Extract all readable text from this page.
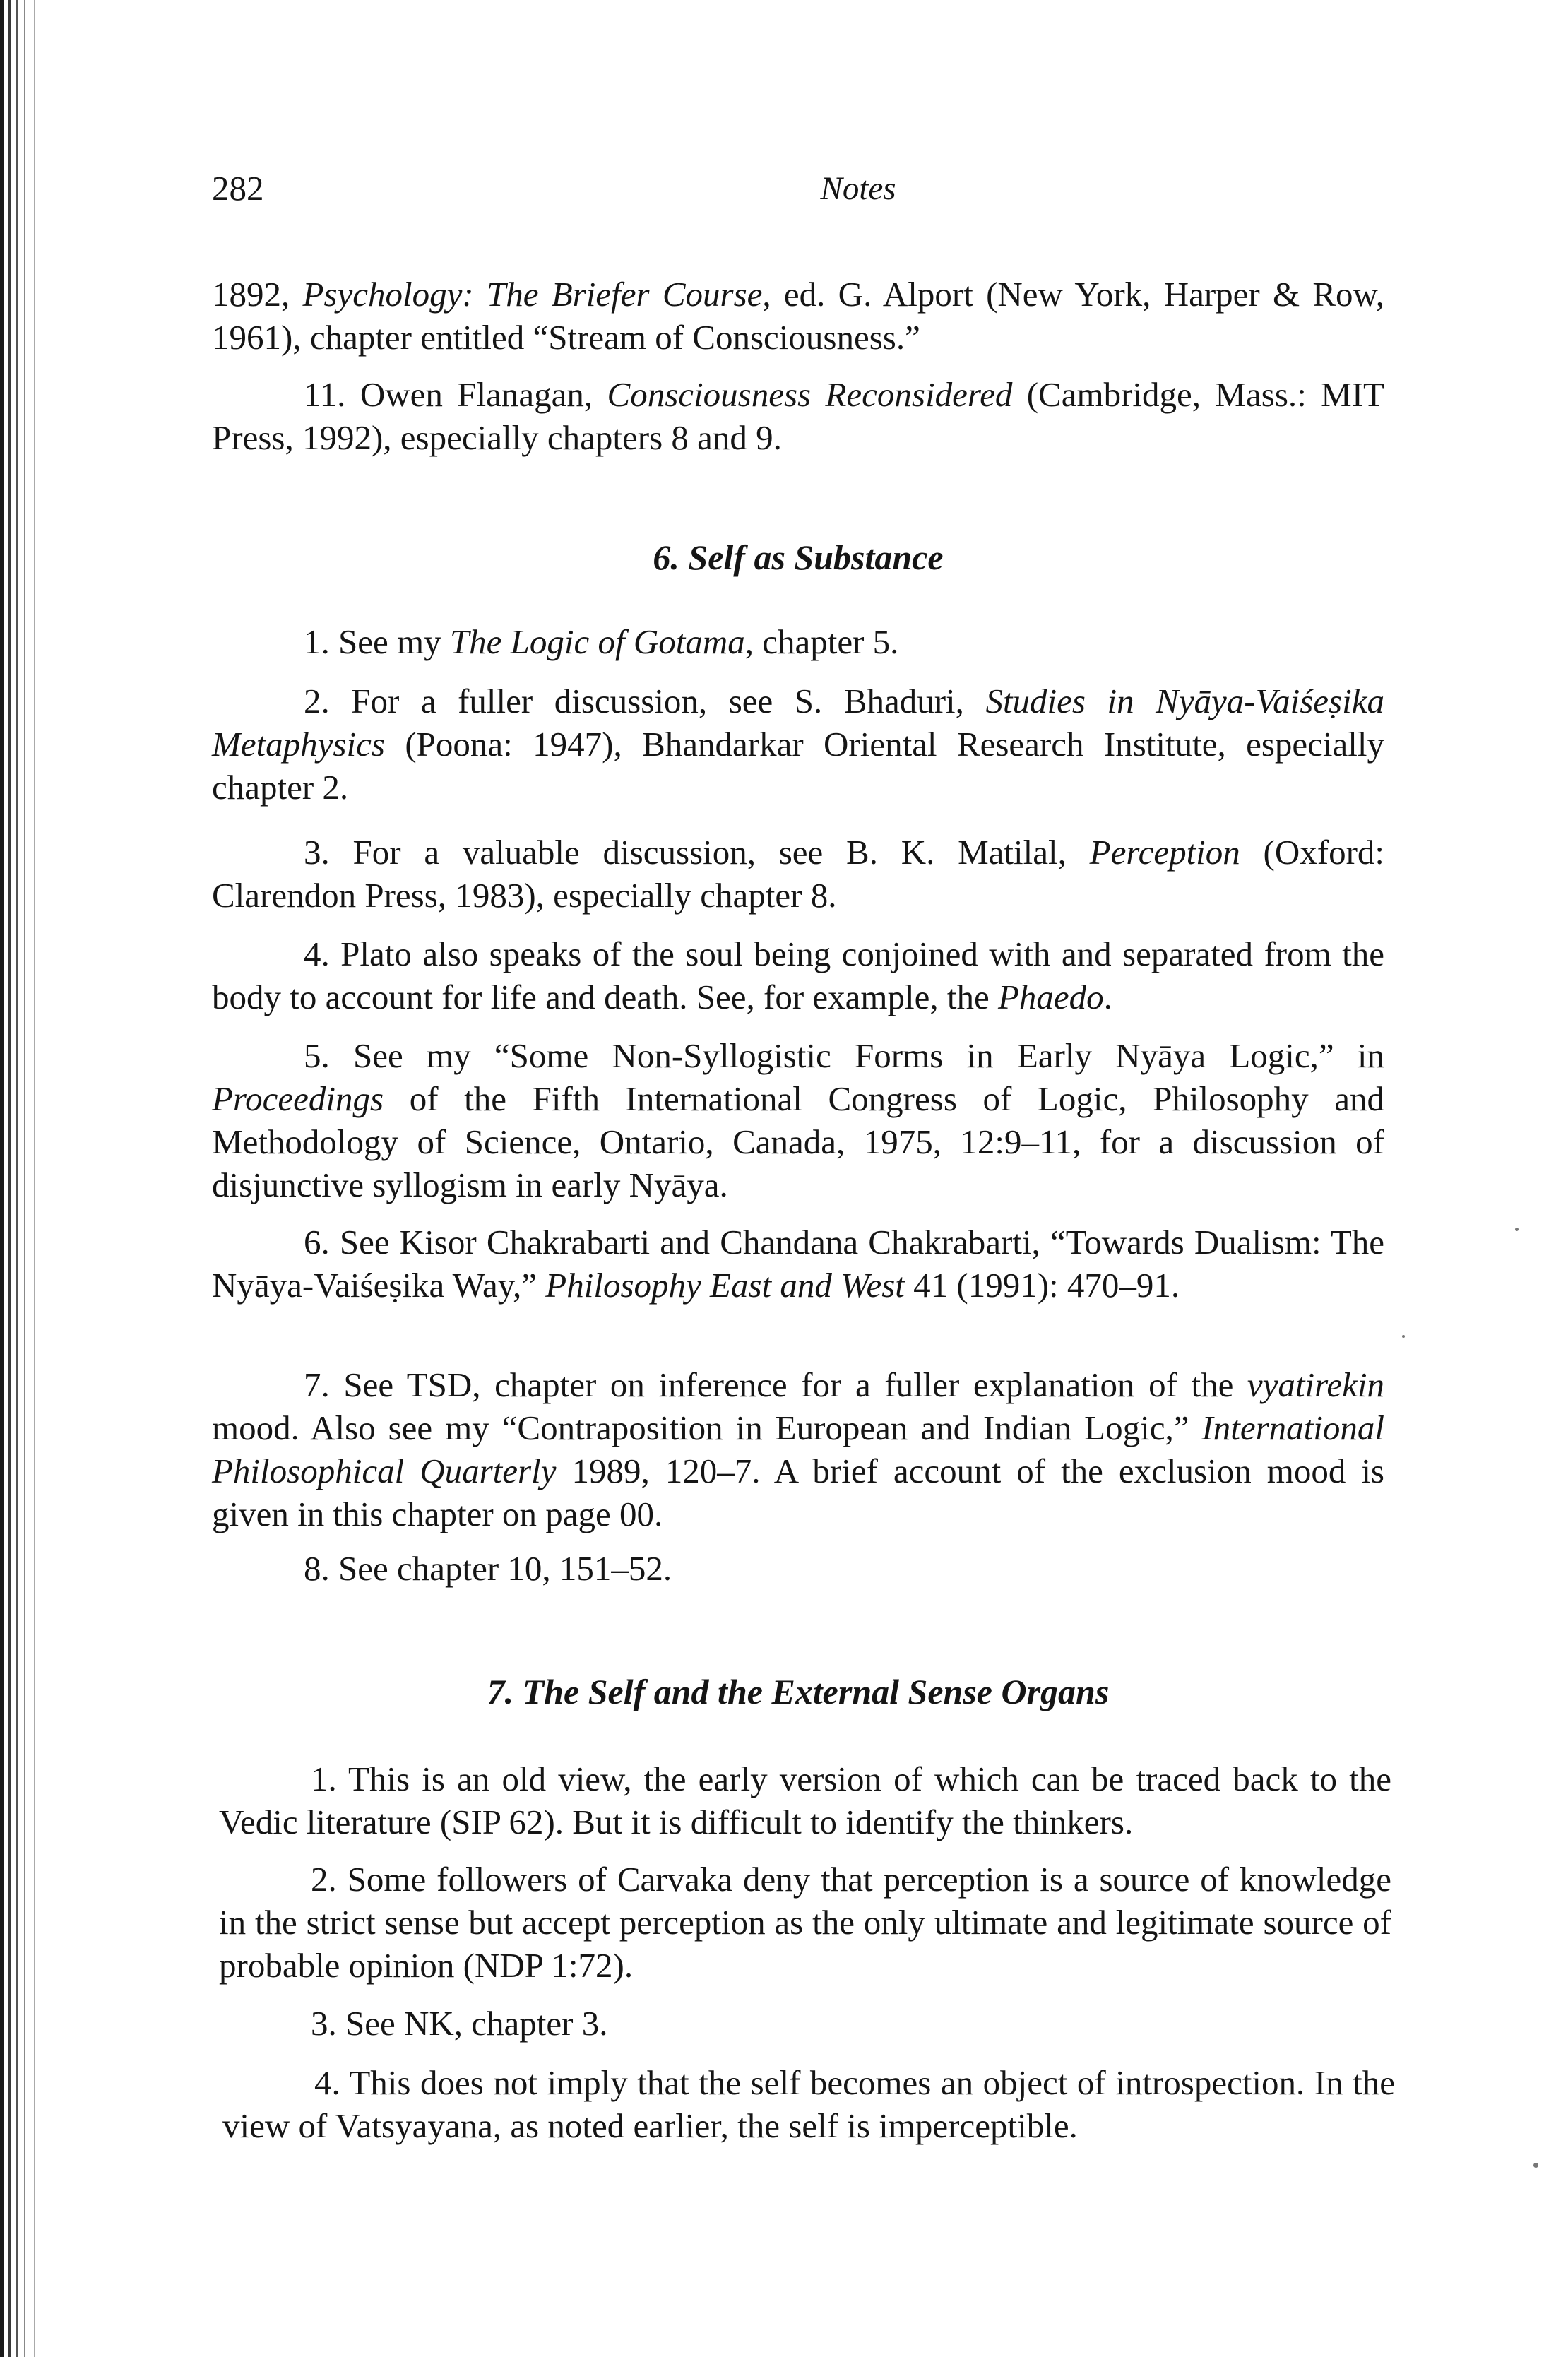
282	Notes

1892, Psychology: The Briefer Course, ed. G. Alport (New York, Harper & Row, 1961), chapter entitled “Stream of Consciousness.”

11. Owen Flanagan, Consciousness Reconsidered (Cambridge, Mass.: MIT Press, 1992), especially chapters 8 and 9.

6. Self as Substance

1. See my The Logic of Gotama, chapter 5.

2. For a fuller discussion, see S. Bhaduri, Studies in Nyāya-Vaiśeṣika Metaphysics (Poona: 1947), Bhandarkar Oriental Research Institute, especially chapter 2.

3. For a valuable discussion, see B. K. Matilal, Perception (Oxford: Clarendon Press, 1983), especially chapter 8.

4. Plato also speaks of the soul being conjoined with and separated from the body to account for life and death. See, for example, the Phaedo.

5. See my “Some Non-Syllogistic Forms in Early Nyāya Logic,” in Proceedings of the Fifth International Congress of Logic, Philosophy and Methodology of Science, Ontario, Canada, 1975, 12:9–11, for a discussion of disjunctive syllogism in early Nyāya.

6. See Kisor Chakrabarti and Chandana Chakrabarti, “Towards Dualism: The Nyāya-Vaiśeṣika Way,” Philosophy East and West 41 (1991): 470–91.

7. See TSD, chapter on inference for a fuller explanation of the vyatirekin mood. Also see my “Contraposition in European and Indian Logic,” International Philosophical Quarterly 1989, 120–7. A brief account of the exclusion mood is given in this chapter on page 00.

8. See chapter 10, 151–52.

7. The Self and the External Sense Organs

1. This is an old view, the early version of which can be traced back to the Vedic literature (SIP 62). But it is difficult to identify the thinkers.

2. Some followers of Carvaka deny that perception is a source of knowledge in the strict sense but accept perception as the only ultimate and legitimate source of probable opinion (NDP 1:72).

3. See NK, chapter 3.

4. This does not imply that the self becomes an object of introspection. In the view of Vatsyayana, as noted earlier, the self is imperceptible.
